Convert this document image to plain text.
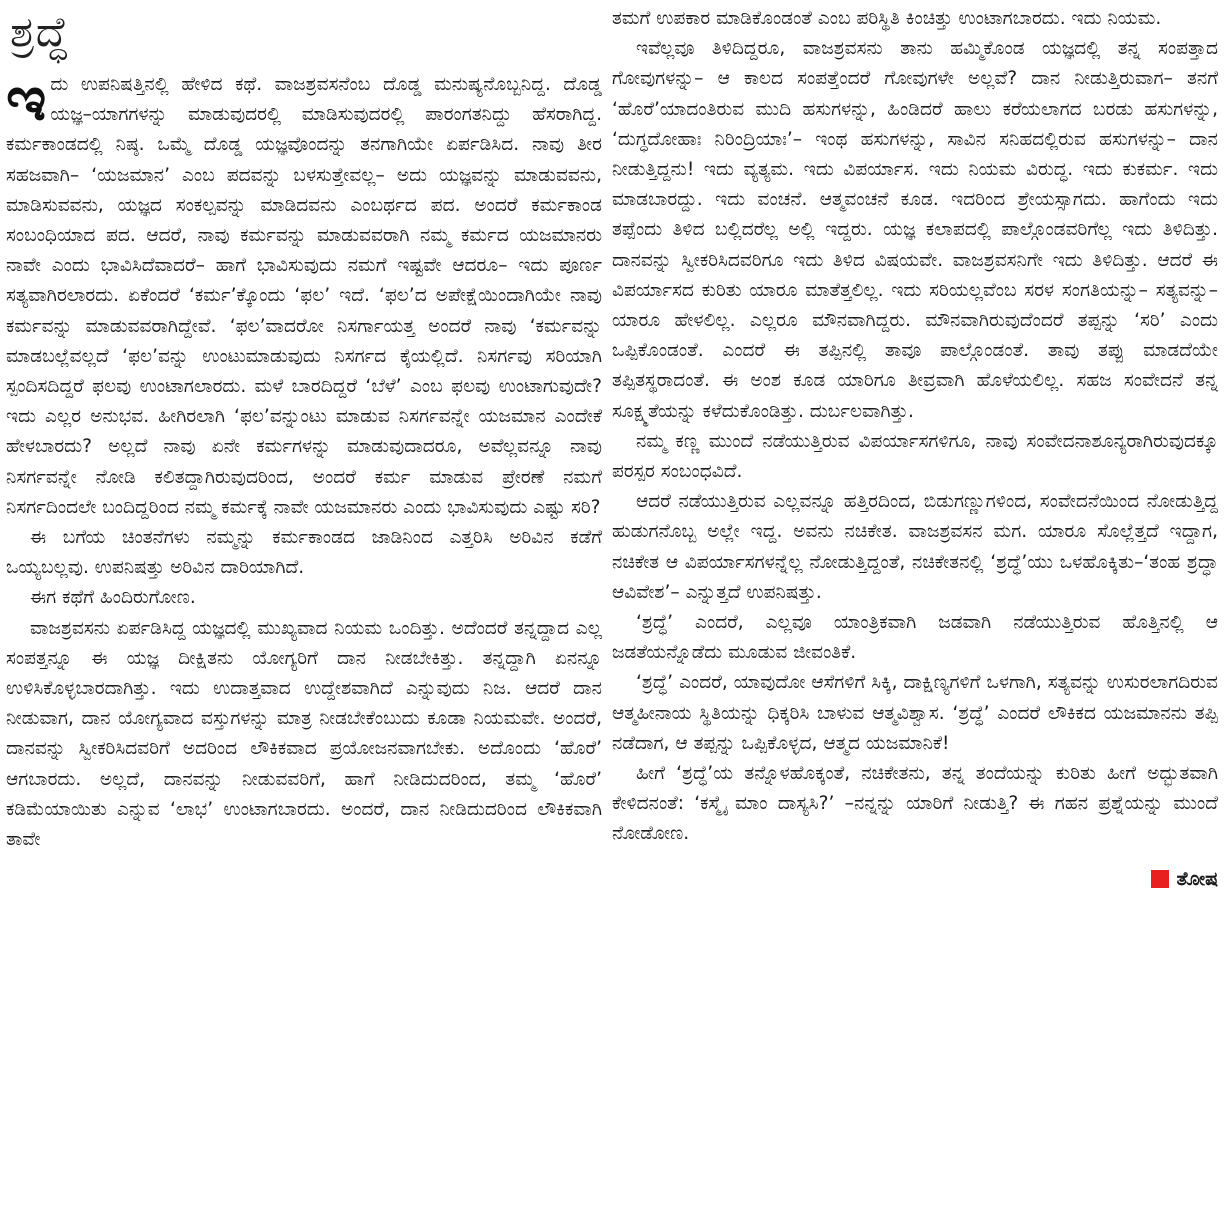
ಶ್ರದ್ಧೆ

ಇದು ಉಪನಿಷತ್ತಿನಲ್ಲಿ ಹೇಳಿದ ಕಥೆ. ವಾಜಶ್ರವಸನೆಂಬ ದೊಡ್ಡ ಮನುಷ್ಯನೊಬ್ಬನಿದ್ದ. ದೊಡ್ಡ ಯಜ್ಞ–ಯಾಗಗಳನ್ನು ಮಾಡುವುದರಲ್ಲಿ ಮಾಡಿಸುವುದರಲ್ಲಿ ಪಾರಂಗತನಿದ್ದು ಹೆಸರಾಗಿದ್ದ. ಕರ್ಮಕಾಂಡದಲ್ಲಿ ನಿಷ್ಠ. ಒಮ್ಮೆ ದೊಡ್ಡ ಯಜ್ಞವೊಂದನ್ನು ತನಗಾಗಿಯೇ ಏರ್ಪಡಿಸಿದ. ನಾವು ತೀರ ಸಹಜವಾಗಿ– ‘ಯಜಮಾನ’ ಎಂಬ ಪದವನ್ನು ಬಳಸುತ್ತೇವಲ್ಲ– ಅದು ಯಜ್ಞವನ್ನು ಮಾಡುವವನು, ಮಾಡಿಸುವವನು, ಯಜ್ಞದ ಸಂಕಲ್ಪವನ್ನು ಮಾಡಿದವನು ಎಂಬರ್ಥದ ಪದ. ಅಂದರೆ ಕರ್ಮಕಾಂಡ ಸಂಬಂಧಿಯಾದ ಪದ. ಆದರೆ, ನಾವು ಕರ್ಮವನ್ನು ಮಾಡುವವರಾಗಿ ನಮ್ಮ ಕರ್ಮದ ಯಜಮಾನರು ನಾವೇ ಎಂದು ಭಾವಿಸಿದೆವಾದರೆ– ಹಾಗೆ ಭಾವಿಸುವುದು ನಮಗೆ ಇಷ್ಟವೇ ಆದರೂ– ಇದು ಪೂರ್ಣ ಸತ್ಯವಾಗಿರಲಾರದು. ಏಕೆಂದರೆ ‘ಕರ್ಮ’ಕ್ಕೊಂದು ‘ಫಲ’ ಇದೆ. ‘ಫಲ’ದ ಅಪೇಕ್ಷೆಯಿಂದಾಗಿಯೇ ನಾವು ಕರ್ಮವನ್ನು ಮಾಡುವವರಾಗಿದ್ದೇವೆ. ‘ಫಲ’ವಾದರೋ ನಿಸರ್ಗಾಯತ್ತ ಅಂದರೆ ನಾವು ‘ಕರ್ಮವನ್ನು ಮಾಡಬಲ್ಲೆವಲ್ಲದೆ ‘ಫಲ’ವನ್ನು ಉಂಟುಮಾಡುವುದು ನಿಸರ್ಗದ ಕೈಯಲ್ಲಿದೆ. ನಿಸರ್ಗವು ಸರಿಯಾಗಿ ಸ್ಪಂದಿಸದಿದ್ದರೆ ಫಲವು ಉಂಟಾಗಲಾರದು. ಮಳೆ ಬಾರದಿದ್ದರೆ ‘ಬೆಳೆ’ ಎಂಬ ಫಲವು ಉಂಟಾಗುವುದೇ? ಇದು ಎಲ್ಲರ ಅನುಭವ. ಹೀಗಿರಲಾಗಿ ‘ಫಲ’ವನ್ನುಂಟು ಮಾಡುವ ನಿಸರ್ಗವನ್ನೇ ಯಜಮಾನ ಎಂದೇಕೆ ಹೇಳಬಾರದು? ಅಲ್ಲದೆ ನಾವು ಏನೇ ಕರ್ಮಗಳನ್ನು ಮಾಡುವುದಾದರೂ, ಅವೆಲ್ಲವನ್ನೂ ನಾವು ನಿಸರ್ಗವನ್ನೇ ನೋಡಿ ಕಲಿತದ್ದಾಗಿರುವುದರಿಂದ, ಅಂದರೆ ಕರ್ಮ ಮಾಡುವ ಪ್ರೇರಣೆ ನಮಗೆ ನಿಸರ್ಗದಿಂದಲೇ ಬಂದಿದ್ದರಿಂದ ನಮ್ಮ ಕರ್ಮಕ್ಕೆ ನಾವೇ ಯಜಮಾನರು ಎಂದು ಭಾವಿಸುವುದು ಎಷ್ಟು ಸರಿ?

ಈ ಬಗೆಯ ಚಿಂತನೆಗಳು ನಮ್ಮನ್ನು ಕರ್ಮಕಾಂಡದ ಜಾಡಿನಿಂದ ಎತ್ತರಿಸಿ ಅರಿವಿನ ಕಡೆಗೆ ಒಯ್ಯಬಲ್ಲವು. ಉಪನಿಷತ್ತು ಅರಿವಿನ ದಾರಿಯಾಗಿದೆ.

ಈಗ ಕಥೆಗೆ ಹಿಂದಿರುಗೋಣ.

ವಾಜಶ್ರವಸನು ಏರ್ಪಡಿಸಿದ್ದ ಯಜ್ಞದಲ್ಲಿ ಮುಖ್ಯವಾದ ನಿಯಮ ಒಂದಿತ್ತು. ಅದೆಂದರೆ ತನ್ನದ್ದಾದ ಎಲ್ಲ ಸಂಪತ್ತನ್ನೂ ಈ ಯಜ್ಞ ದೀಕ್ಷಿತನು ಯೋಗ್ಯರಿಗೆ ದಾನ ನೀಡಬೇಕಿತ್ತು. ತನ್ನದ್ದಾಗಿ ಏನನ್ನೂ ಉಳಿಸಿಕೊಳ್ಳಬಾರದಾಗಿತ್ತು. ಇದು ಉದಾತ್ತವಾದ ಉದ್ದೇಶವಾಗಿದೆ ಎನ್ನುವುದು ನಿಜ. ಆದರೆ ದಾನ ನೀಡುವಾಗ, ದಾನ ಯೋಗ್ಯವಾದ ವಸ್ತುಗಳನ್ನು ಮಾತ್ರ ನೀಡಬೇಕೆಂಬುದು ಕೂಡಾ ನಿಯಮವೇ. ಅಂದರೆ, ದಾನವನ್ನು ಸ್ವೀಕರಿಸಿದವರಿಗೆ ಅದರಿಂದ ಲೌಕಿಕವಾದ ಪ್ರಯೋಜನವಾಗಬೇಕು. ಅದೊಂದು ‘ಹೊರೆ’ ಆಗಬಾರದು. ಅಲ್ಲದೆ, ದಾನವನ್ನು ನೀಡುವವರಿಗೆ, ಹಾಗೆ ನೀಡಿದುದರಿಂದ, ತಮ್ಮ ‘ಹೊರೆ’ ಕಡಿಮೆಯಾಯಿತು ಎನ್ನುವ ‘ಲಾಭ’ ಉಂಟಾಗಬಾರದು. ಅಂದರೆ, ದಾನ ನೀಡಿದುದರಿಂದ ಲೌಕಿಕವಾಗಿ ತಾವೇ

ತಮಗೆ ಉಪಕಾರ ಮಾಡಿಕೊಂಡಂತೆ ಎಂಬ ಪರಿಸ್ಥಿತಿ ಕಿಂಚಿತ್ತು ಉಂಟಾಗಬಾರದು. ಇದು ನಿಯಮ.

ಇವೆಲ್ಲವೂ ತಿಳಿದಿದ್ದರೂ, ವಾಜಶ್ರವಸನು ತಾನು ಹಮ್ಮಿಕೊಂಡ ಯಜ್ಞದಲ್ಲಿ ತನ್ನ ಸಂಪತ್ತಾದ ಗೋವುಗಳನ್ನು– ಆ ಕಾಲದ ಸಂಪತ್ತೆಂದರೆ ಗೋವುಗಳೇ ಅಲ್ಲವೆ? ದಾನ ನೀಡುತ್ತಿರುವಾಗ– ತನಗೆ ‘ಹೊರೆ’ಯಾದಂತಿರುವ ಮುದಿ ಹಸುಗಳನ್ನು, ಹಿಂಡಿದರೆ ಹಾಲು ಕರೆಯಲಾಗದ ಬರಡು ಹಸುಗಳನ್ನು, ‘ದುಗ್ಧದೋಹಾಃ ನಿರಿಂದ್ರಿಯಾಃ’– ಇಂಥ ಹಸುಗಳನ್ನು, ಸಾವಿನ ಸನಿಹದಲ್ಲಿರುವ ಹಸುಗಳನ್ನು– ದಾನ ನೀಡುತ್ತಿದ್ದನು! ಇದು ವ್ಯತ್ಯಮ. ಇದು ವಿಪರ್ಯಾಸ. ಇದು ನಿಯಮ ವಿರುದ್ಧ. ಇದು ಕುಕರ್ಮ. ಇದು ಮಾಡಬಾರದ್ದು. ಇದು ವಂಚನೆ. ಆತ್ಮವಂಚನೆ ಕೂಡ. ಇದರಿಂದ ಶ್ರೇಯಸ್ಸಾಗದು. ಹಾಗೆಂದು ಇದು ತಪ್ಪೆಂದು ತಿಳಿದ ಬಲ್ಲಿದರೆಲ್ಲ ಅಲ್ಲಿ ಇದ್ದರು. ಯಜ್ಞ ಕಲಾಪದಲ್ಲಿ ಪಾಲ್ಗೊಂಡವರಿಗೆಲ್ಲ ಇದು ತಿಳಿದಿತ್ತು. ದಾನವನ್ನು ಸ್ವೀಕರಿಸಿದವರಿಗೂ ಇದು ತಿಳಿದ ವಿಷಯವೇ. ವಾಜಶ್ರವಸನಿಗೇ ಇದು ತಿಳಿದಿತ್ತು. ಆದರೆ ಈ ವಿಪರ್ಯಾಸದ ಕುರಿತು ಯಾರೂ ಮಾತೆತ್ತಲಿಲ್ಲ. ಇದು ಸರಿಯಲ್ಲವೆಂಬ ಸರಳ ಸಂಗತಿಯನ್ನು– ಸತ್ಯವನ್ನು– ಯಾರೂ ಹೇಳಲಿಲ್ಲ. ಎಲ್ಲರೂ ಮೌನವಾಗಿದ್ದರು. ಮೌನವಾಗಿರುವುದೆಂದರೆ ತಪ್ಪನ್ನು ‘ಸರಿ’ ಎಂದು ಒಪ್ಪಿಕೊಂಡಂತೆ. ಎಂದರೆ ಈ ತಪ್ಪಿನಲ್ಲಿ ತಾವೂ ಪಾಲ್ಗೊಂಡಂತೆ. ತಾವು ತಪ್ಪು ಮಾಡದೆಯೇ ತಪ್ಪಿತಸ್ಥರಾದಂತೆ. ಈ ಅಂಶ ಕೂಡ ಯಾರಿಗೂ ತೀವ್ರವಾಗಿ ಹೊಳೆಯಲಿಲ್ಲ. ಸಹಜ ಸಂವೇದನೆ ತನ್ನ ಸೂಕ್ಷ್ಮತೆಯನ್ನು ಕಳೆದುಕೊಂಡಿತ್ತು. ದುರ್ಬಲವಾಗಿತ್ತು.

ನಮ್ಮ ಕಣ್ಣ ಮುಂದೆ ನಡೆಯುತ್ತಿರುವ ವಿಪರ್ಯಾಸಗಳಿಗೂ, ನಾವು ಸಂವೇದನಾಶೂನ್ಯರಾಗಿರುವುದಕ್ಕೂ ಪರಸ್ಪರ ಸಂಬಂಧವಿದೆ.

ಆದರೆ ನಡೆಯುತ್ತಿರುವ ಎಲ್ಲವನ್ನೂ ಹತ್ತಿರದಿಂದ, ಬಿಡುಗಣ್ಣುಗಳಿಂದ, ಸಂವೇದನೆಯಿಂದ ನೋಡುತ್ತಿದ್ದ ಹುಡುಗನೊಬ್ಬ ಅಲ್ಲೇ ಇದ್ದ. ಅವನು ನಚಿಕೇತ. ವಾಜಶ್ರವಸನ ಮಗ. ಯಾರೂ ಸೊಲ್ಲೆತ್ತದೆ ಇದ್ದಾಗ, ನಚಿಕೇತ ಆ ವಿಪರ್ಯಾಸಗಳನ್ನೆಲ್ಲ ನೋಡುತ್ತಿದ್ದಂತೆ, ನಚಿಕೇತನಲ್ಲಿ ‘ಶ್ರದ್ಧೆ’ಯು ಒಳಹೊಕ್ಕಿತು–‘ತಂಹ ಶ್ರದ್ಧಾ ಆವಿವೇಶ’– ಎನ್ನುತ್ತದೆ ಉಪನಿಷತ್ತು.

‘ಶ್ರದ್ಧೆ’ ಎಂದರೆ, ಎಲ್ಲವೂ ಯಾಂತ್ರಿಕವಾಗಿ ಜಡವಾಗಿ ನಡೆಯುತ್ತಿರುವ ಹೊತ್ತಿನಲ್ಲಿ ಆ ಜಡತೆಯನ್ನೊಡೆದು ಮೂಡುವ ಜೀವಂತಿಕೆ.

‘ಶ್ರದ್ಧೆ’ ಎಂದರೆ, ಯಾವುದೋ ಆಸೆಗಳಿಗೆ ಸಿಕ್ಕಿ, ದಾಕ್ಷಿಣ್ಯಗಳಿಗೆ ಒಳಗಾಗಿ, ಸತ್ಯವನ್ನು ಉಸುರಲಾಗದಿರುವ ಆತ್ಮಹೀನಾಯ ಸ್ಥಿತಿಯನ್ನು ಧಿಕ್ಕರಿಸಿ ಬಾಳುವ ಆತ್ಮವಿಶ್ವಾಸ. ‘ಶ್ರದ್ಧೆ’ ಎಂದರೆ ಲೌಕಿಕದ ಯಜಮಾನನು ತಪ್ಪಿ ನಡೆದಾಗ, ಆ ತಪ್ಪನ್ನು ಒಪ್ಪಿಕೊಳ್ಳದ, ಆತ್ಮದ ಯಜಮಾನಿಕೆ!

ಹೀಗೆ ‘ಶ್ರದ್ಧೆ’ಯ ತನ್ನೊಳಹೊಕ್ಕಂತೆ, ನಚಿಕೇತನು, ತನ್ನ ತಂದೆಯನ್ನು ಕುರಿತು ಹೀಗೆ ಅದ್ಭುತವಾಗಿ ಕೇಳಿದನಂತೆ: ‘ಕಸ್ಮೈ ಮಾಂ ದಾಸ್ಯಸಿ?’ –ನನ್ನನ್ನು ಯಾರಿಗೆ ನೀಡುತ್ತಿ? ಈ ಗಹನ ಪ್ರಶ್ನೆಯನ್ನು ಮುಂದೆ ನೋಡೋಣ.

ತೋಷ
